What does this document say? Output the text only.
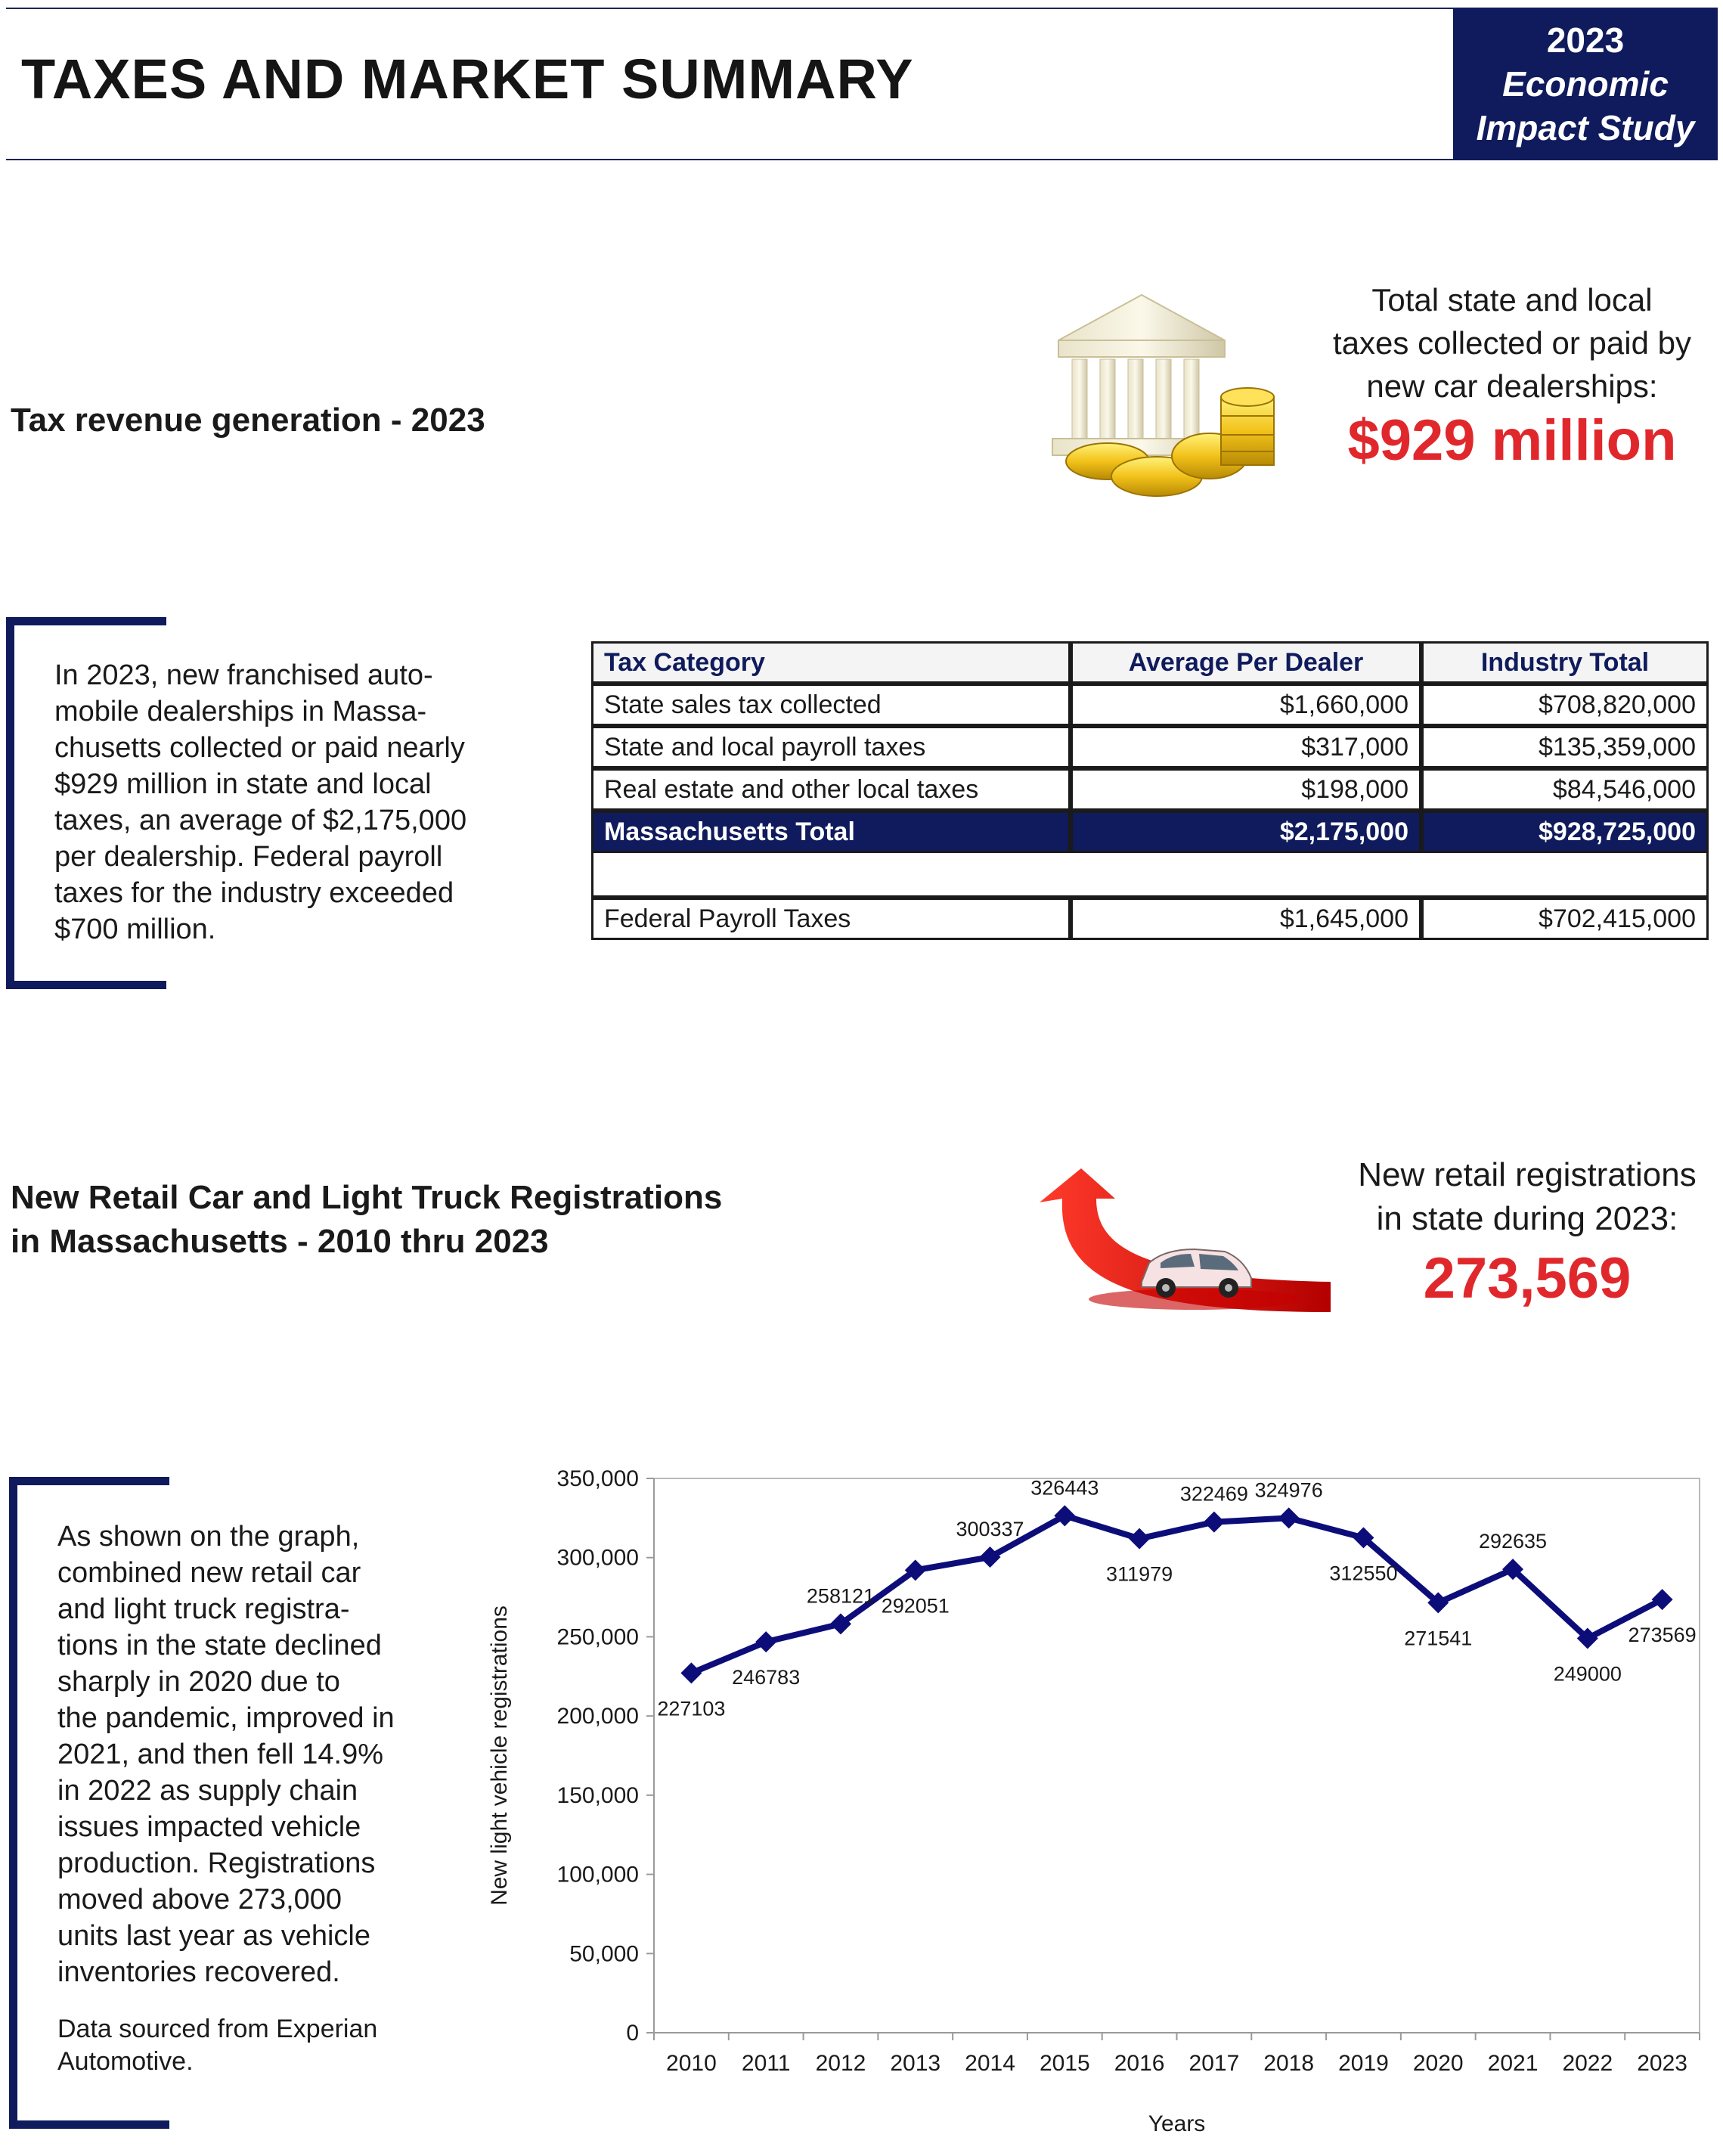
TAXES AND MARKET SUMMARY
2023
Economic
Impact Study
Tax revenue generation - 2023
Total state and local
taxes collected or paid by
new car dealerships:
$929 million
In 2023, new franchised auto-
mobile dealerships in Massa-
chusetts collected or paid nearly
$929 million in state and local
taxes, an average of $2,175,000
per dealership. Federal payroll
taxes for the industry exceeded
$700 million.
Tax Category	Average Per Dealer	Industry Total
State sales tax collected	$1,660,000	$708,820,000
State and local payroll taxes	$317,000	$135,359,000
Real estate and other local taxes	$198,000	$84,546,000
Massachusetts Total	$2,175,000	$928,725,000

Federal Payroll Taxes	$1,645,000	$702,415,000
New Retail Car and Light Truck Registrations
in Massachusetts - 2010 thru 2023
New retail registrations
in state during 2023:
273,569
As shown on the graph,
combined new retail car
and light truck registra-
tions in the state declined
sharply in 2020 due to
the pandemic, improved in
2021, and then fell 14.9%
in 2022 as supply chain
issues impacted vehicle
production. Registrations
moved above 273,000
units last year as vehicle
inventories recovered.
Data sourced from Experian
Automotive.
0
50,000
100,000
150,000
200,000
250,000
300,000
350,000
2010 2011 2012 2013 2014 2015 2016 2017 2018 2019 2020 2021 2022 2023
227103
246783
258121 292051
300337
326443
311979
322469 324976
312550
271541
292635
249000
273569
New light vehicle registrations
Years
